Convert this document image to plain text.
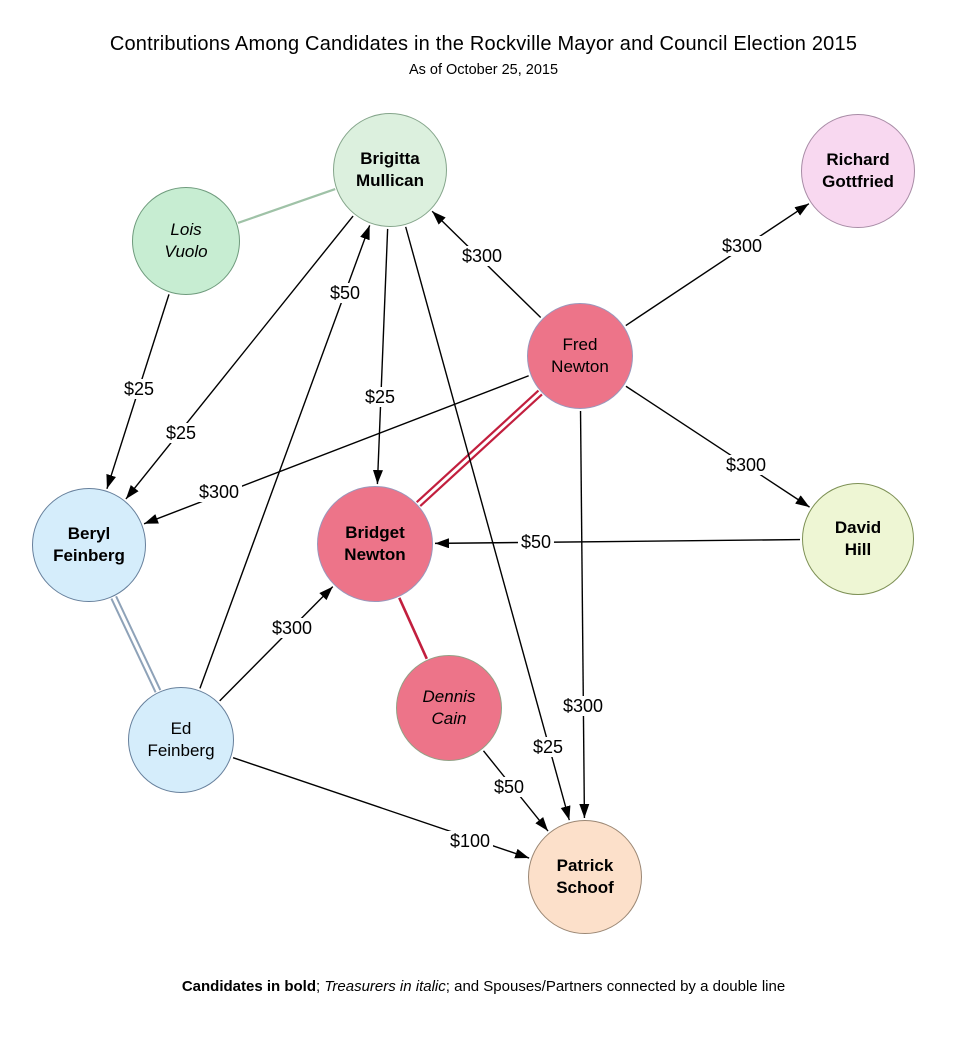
Contributions Among Candidates in the Rockville Mayor and Council Election 2015
As of October 25, 2015
$25
$25
$300
$50
$300	$300
$300
$25
$50
$300
$300
$25
$50
$100
Brigitta
Mullican
Lois
Vuolo
Richard
Gottfried
Fred
Newton
Beryl
Feinberg
Bridget
Newton
David
Hill
Ed
Feinberg
Dennis
Cain
Patrick
Schoof
Candidates in bold; Treasurers in italic; and Spouses/Partners connected by a double line
